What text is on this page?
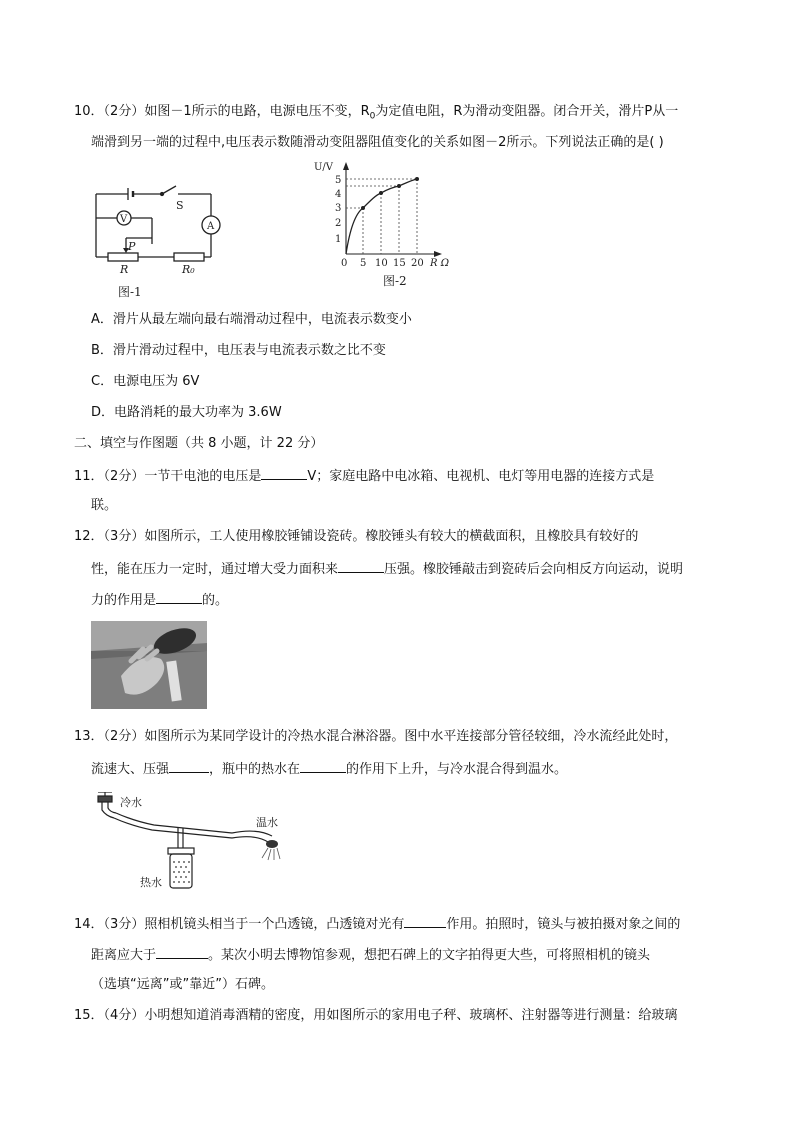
10．（2分）如图－1所示的电路，电源电压不变，$R_0$为定值电阻，R为滑动变阻器。闭合开关，滑片P从一
端滑到另一端的过程中,电压表示数随滑动变阻器阻值变化的关系如图－2所示。下列说法正确的是( )
V
A
S
P
R	R₀
图-1
U/V
5
4
3
2
1
0 5 10 15 20 R Ω
图-2
A．滑片从最左端向最右端滑动过程中，电流表示数变小
B．滑片滑动过程中，电压表与电流表示数之比不变
C．电源电压为 6V
D．电路消耗的最大功率为 3.6W
二、填空与作图题（共 8 小题，计 22 分）
11．（2分）一节干电池的电压是	V；家庭电路中电冰箱、电视机、电灯等用电器的连接方式是
联。
12．（3分）如图所示，工人使用橡胶锤铺设瓷砖。橡胶锤头有较大的横截面积，且橡胶具有较好的
性，能在压力一定时，通过增大受力面积来	压强。橡胶锤敲击到瓷砖后会向相反方向运动，说明
力的作用是	的。
13．（2分）如图所示为某同学设计的冷热水混合淋浴器。图中水平连接部分管径较细，冷水流经此处时，
流速大、压强	，瓶中的热水在	的作用下上升，与冷水混合得到温水。
冷水
温水
热水
14．（3分）照相机镜头相当于一个凸透镜，凸透镜对光有	作用。拍照时，镜头与被拍摄对象之间的
距离应大于	。某次小明去博物馆参观，想把石碑上的文字拍得更大些，可将照相机的镜头
（选填“远离”或”靠近”）石碑。
15．（4分）小明想知道消毒酒精的密度，用如图所示的家用电子秤、玻璃杯、注射器等进行测量：给玻璃
